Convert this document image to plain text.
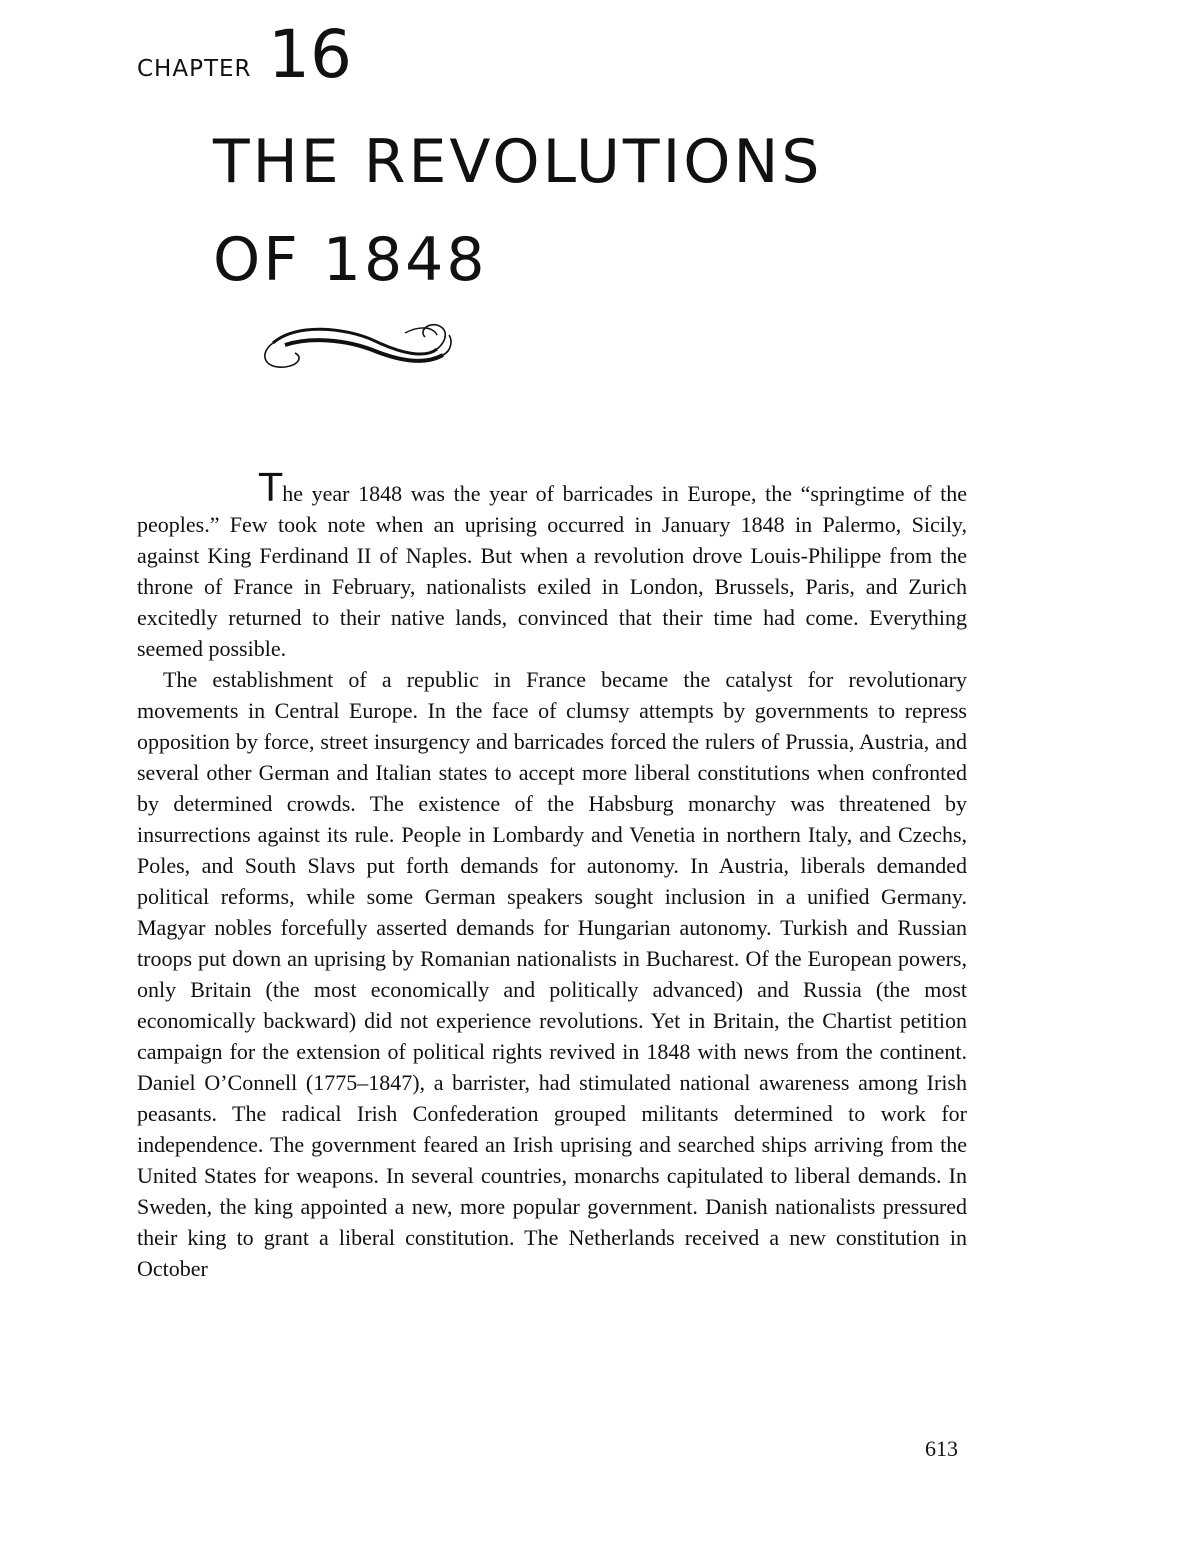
CHAPTER 16
THE REVOLUTIONS
OF 1848

The year 1848 was the year of barricades in Europe, the “springtime of the peoples.” Few took note when an uprising occurred in January 1848 in Palermo, Sicily, against King Ferdinand II of Naples. But when a revolution drove Louis-Philippe from the throne of France in February, nationalists exiled in London, Brussels, Paris, and Zurich excitedly returned to their native lands, convinced that their time had come. Everything seemed possible.

The establishment of a republic in France became the catalyst for revolutionary movements in Central Europe. In the face of clumsy attempts by governments to repress opposition by force, street insurgency and barricades forced the rulers of Prussia, Austria, and several other German and Italian states to accept more liberal constitutions when confronted by determined crowds. The existence of the Habsburg monarchy was threatened by insurrections against its rule. People in Lombardy and Venetia in northern Italy, and Czechs, Poles, and South Slavs put forth demands for autonomy. In Austria, liberals demanded political reforms, while some German speakers sought inclusion in a unified Germany. Magyar nobles forcefully asserted demands for Hungarian autonomy. Turkish and Russian troops put down an uprising by Romanian nationalists in Bucharest. Of the European powers, only Britain (the most economically and politically advanced) and Russia (the most economically backward) did not experience revolutions. Yet in Britain, the Chartist petition campaign for the extension of political rights revived in 1848 with news from the continent. Daniel O’Connell (1775–1847), a barrister, had stimulated national awareness among Irish peasants. The radical Irish Confederation grouped militants determined to work for independence. The government feared an Irish uprising and searched ships arriving from the United States for weapons. In several countries, monarchs capitulated to liberal demands. In Sweden, the king appointed a new, more popular government. Danish nationalists pressured their king to grant a liberal constitution. The Netherlands received a new constitution in October

613
